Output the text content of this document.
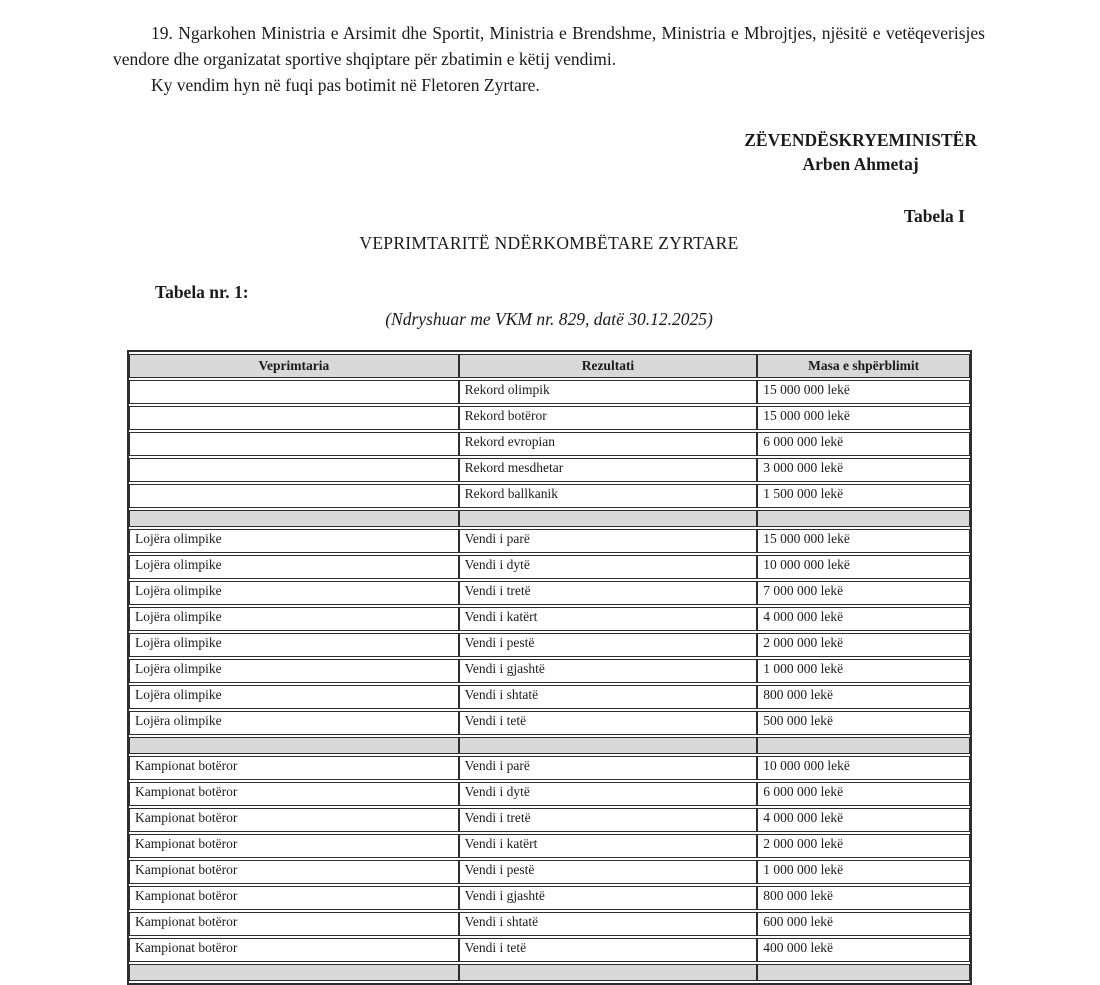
19. Ngarkohen Ministria e Arsimit dhe Sportit, Ministria e Brendshme, Ministria e Mbrojtjes, njësitë e vetëqeverisjes vendore dhe organizatat sportive shqiptare për zbatimin e këtij vendimi.

Ky vendim hyn në fuqi pas botimit në Fletoren Zyrtare.

ZËVENDËSKRYEMINISTËR
Arben Ahmetaj
Tabela I
VEPRIMTARITË NDËRKOMBËTARE ZYRTARE
Tabela nr. 1:
(Ndryshuar me VKM nr. 829, datë 30.12.2025)
Veprimtaria	Rezultati	Masa e shpërblimit
	Rekord olimpik	15 000 000 lekë
	Rekord botëror	15 000 000 lekë
	Rekord evropian	6 000 000 lekë
	Rekord mesdhetar	3 000 000 lekë
	Rekord ballkanik	1 500 000 lekë

Lojëra olimpike	Vendi i parë	15 000 000 lekë
Lojëra olimpike	Vendi i dytë	10 000 000 lekë
Lojëra olimpike	Vendi i tretë	7 000 000 lekë
Lojëra olimpike	Vendi i katërt	4 000 000 lekë
Lojëra olimpike	Vendi i pestë	2 000 000 lekë
Lojëra olimpike	Vendi i gjashtë	1 000 000 lekë
Lojëra olimpike	Vendi i shtatë	800 000 lekë
Lojëra olimpike	Vendi i tetë	500 000 lekë

Kampionat botëror	Vendi i parë	10 000 000 lekë
Kampionat botëror	Vendi i dytë	6 000 000 lekë
Kampionat botëror	Vendi i tretë	4 000 000 lekë
Kampionat botëror	Vendi i katërt	2 000 000 lekë
Kampionat botëror	Vendi i pestë	1 000 000 lekë
Kampionat botëror	Vendi i gjashtë	800 000 lekë
Kampionat botëror	Vendi i shtatë	600 000 lekë
Kampionat botëror	Vendi i tetë	400 000 lekë
